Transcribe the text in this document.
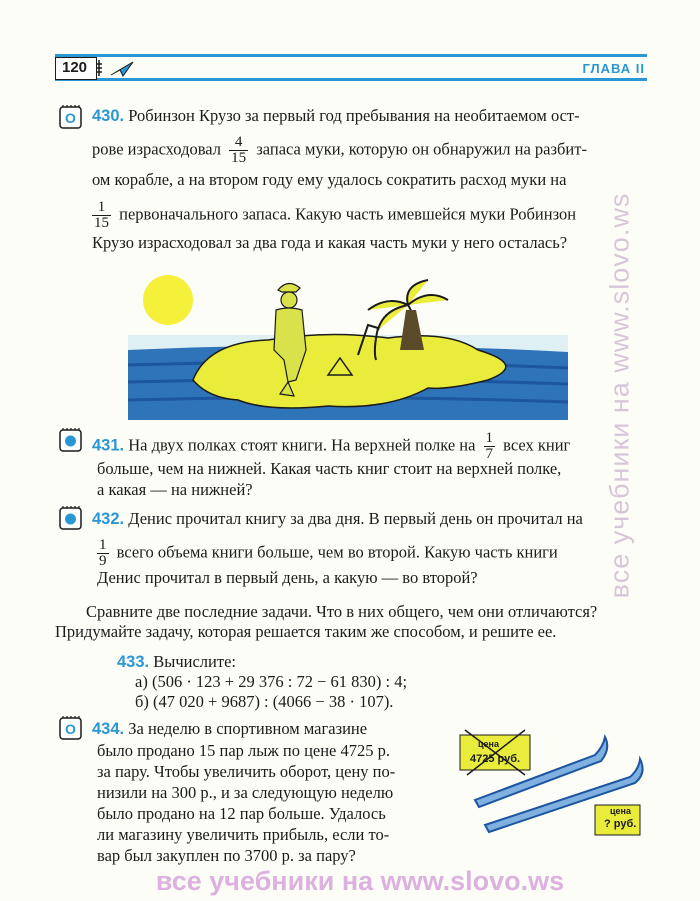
120	ГЛАВА II
О 430. Робинзон Крузо за первый год пребывания на необитаемом ост-
рове израсходовал $\frac{4}{15}$ запаса муки, которую он обнаружил на разбит-
ом корабле, а на втором году ему удалось сократить расход муки на
$\frac{1}{15}$ первоначального запаса. Какую часть имевшейся муки Робинзон
Крузо израсходовал за два года и какая часть муки у него осталась?
431. На двух полках стоят книги. На верхней полке на $\frac{1}{7}$ всех книг
больше, чем на нижней. Какая часть книг стоит на верхней полке,
а какая — на нижней?
432. Денис прочитал книгу за два дня. В первый день он прочитал на
$\frac{1}{9}$ всего объема книги больше, чем во второй. Какую часть книги
Денис прочитал в первый день, а какую — во второй?
Сравните две последние задачи. Что в них общего, чем они отличаются?
Придумайте задачу, которая решается таким же способом, и решите ее.
433. Вычислите:
а) (506 · 123 + 29 376 : 72 − 61 830) : 4;
б) (47 020 + 9687) : (4066 − 38 · 107).
О 434. За неделю в спортивном магазине
было продано 15 пар лыж по цене 4725 р.
за пару. Чтобы увеличить оборот, цену по-
низили на 300 р., и за следующую неделю
было продано на 12 пар больше. Удалось
ли магазину увеличить прибыль, если то-
вар был закуплен по 3700 р. за пару?
цена
4725 руб.
цена
? руб.
все учебники на www.slovo.ws
все учебники на www.slovo.ws
